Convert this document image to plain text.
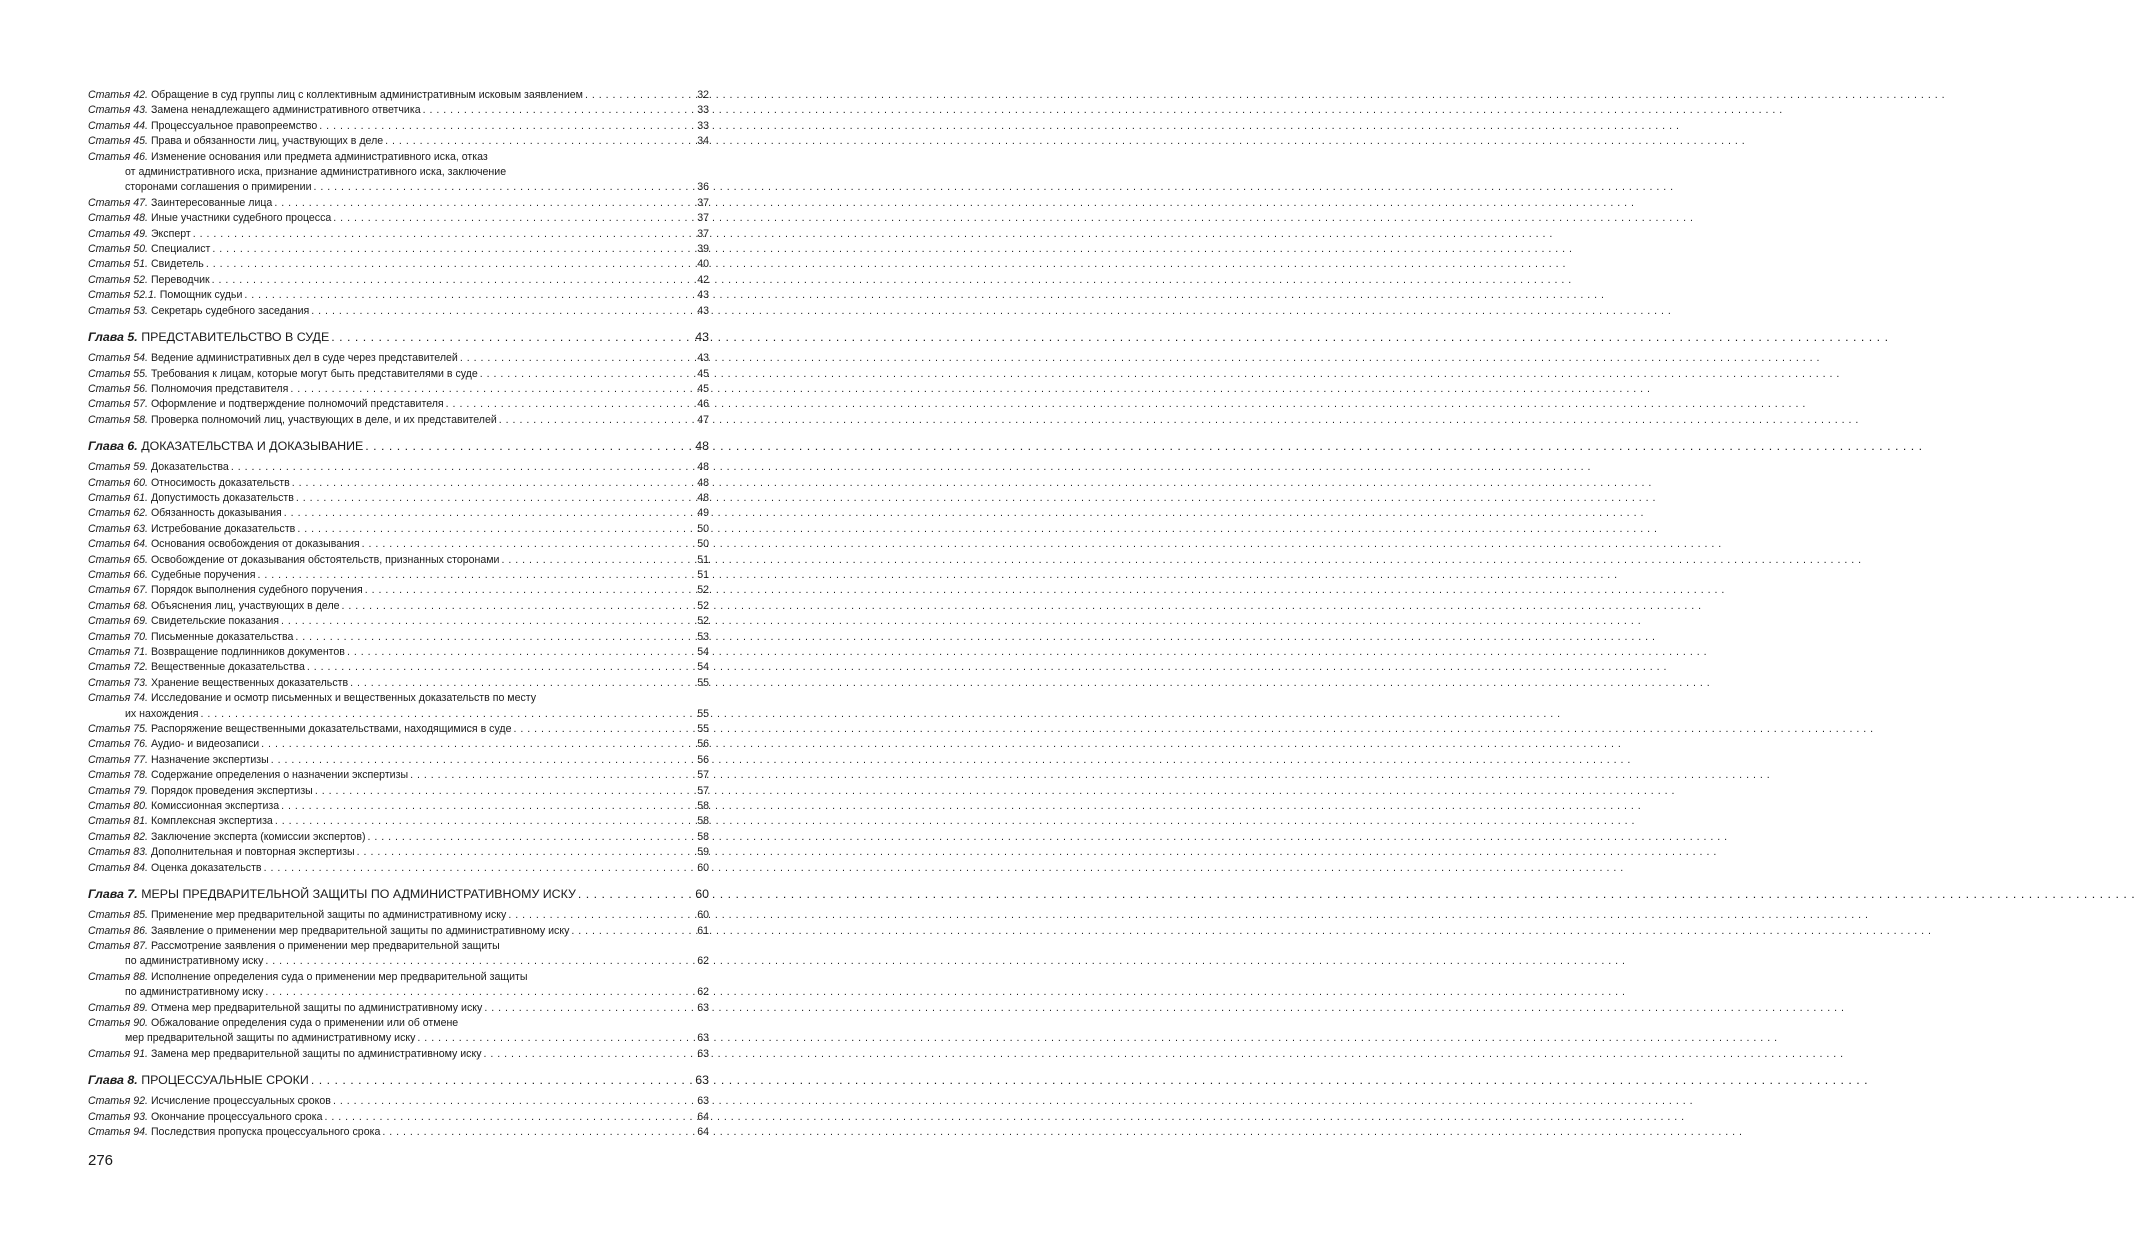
Статья 42. Обращение в суд группы лиц с коллективным административным исковым заявлением . . .	32
Статья 43. Замена ненадлежащего административного ответчика . . .	33
Статья 44. Процессуальное правопреемство . . .	33
Статья 45. Права и обязанности лиц, участвующих в деле . . .	34
Статья 46. Изменение основания или предмета административного иска, отказ
от административного иска, признание административного иска, заключение
сторонами соглашения о примирении . . .	36
Статья 47. Заинтересованные лица . . .	37
Статья 48. Иные участники судебного процесса . . .	37
Статья 49. Эксперт . . .	37
Статья 50. Специалист . . .	39
Статья 51. Свидетель . . .	40
Статья 52. Переводчик . . .	42
Статья 52.1. Помощник судьи . . .	43
Статья 53. Секретарь судебного заседания . . .	43
Глава 5. ПРЕДСТАВИТЕЛЬСТВО В СУДЕ . . .	43
Статья 54. Ведение административных дел в суде через представителей . . .	43
Статья 55. Требования к лицам, которые могут быть представителями в суде . . .	45
Статья 56. Полномочия представителя . . .	45
Статья 57. Оформление и подтверждение полномочий представителя . . .	46
Статья 58. Проверка полномочий лиц, участвующих в деле, и их представителей . . .	47
Глава 6. ДОКАЗАТЕЛЬСТВА И ДОКАЗЫВАНИЕ . . .	48
Статья 59. Доказательства . . .	48
Статья 60. Относимость доказательств . . .	48
Статья 61. Допустимость доказательств . . .	48
Статья 62. Обязанность доказывания . . .	49
Статья 63. Истребование доказательств . . .	50
Статья 64. Основания освобождения от доказывания . . .	50
Статья 65. Освобождение от доказывания обстоятельств, признанных сторонами . . .	51
Статья 66. Судебные поручения . . .	51
Статья 67. Порядок выполнения судебного поручения . . .	52
Статья 68. Объяснения лиц, участвующих в деле . . .	52
Статья 69. Свидетельские показания . . .	52
Статья 70. Письменные доказательства . . .	53
Статья 71. Возвращение подлинников документов . . .	54
Статья 72. Вещественные доказательства . . .	54
Статья 73. Хранение вещественных доказательств . . .	55
Статья 74. Исследование и осмотр письменных и вещественных доказательств по месту
их нахождения . . .	55
Статья 75. Распоряжение вещественными доказательствами, находящимися в суде . . .	55
Статья 76. Аудио- и видеозаписи . . .	56
Статья 77. Назначение экспертизы . . .	56
Статья 78. Содержание определения о назначении экспертизы . . .	57
Статья 79. Порядок проведения экспертизы . . .	57
Статья 80. Комиссионная экспертиза . . .	58
Статья 81. Комплексная экспертиза . . .	58
Статья 82. Заключение эксперта (комиссии экспертов) . . .	58
Статья 83. Дополнительная и повторная экспертизы . . .	59
Статья 84. Оценка доказательств . . .	60
Глава 7. МЕРЫ ПРЕДВАРИТЕЛЬНОЙ ЗАЩИТЫ ПО АДМИНИСТРАТИВНОМУ ИСКУ . . .	60
Статья 85. Применение мер предварительной защиты по административному иску . . .	60
Статья 86. Заявление о применении мер предварительной защиты по административному иску . . .	61
Статья 87. Рассмотрение заявления о применении мер предварительной защиты
по административному иску . . .	62
Статья 88. Исполнение определения суда о применении мер предварительной защиты
по административному иску . . .	62
Статья 89. Отмена мер предварительной защиты по административному иску . . .	63
Статья 90. Обжалование определения суда о применении или об отмене
мер предварительной защиты по административному иску . . .	63
Статья 91. Замена мер предварительной защиты по административному иску . . .	63
Глава 8. ПРОЦЕССУАЛЬНЫЕ СРОКИ . . .	63
Статья 92. Исчисление процессуальных сроков . . .	63
Статья 93. Окончание процессуального срока . . .	64
Статья 94. Последствия пропуска процессуального срока . . .	64
276
